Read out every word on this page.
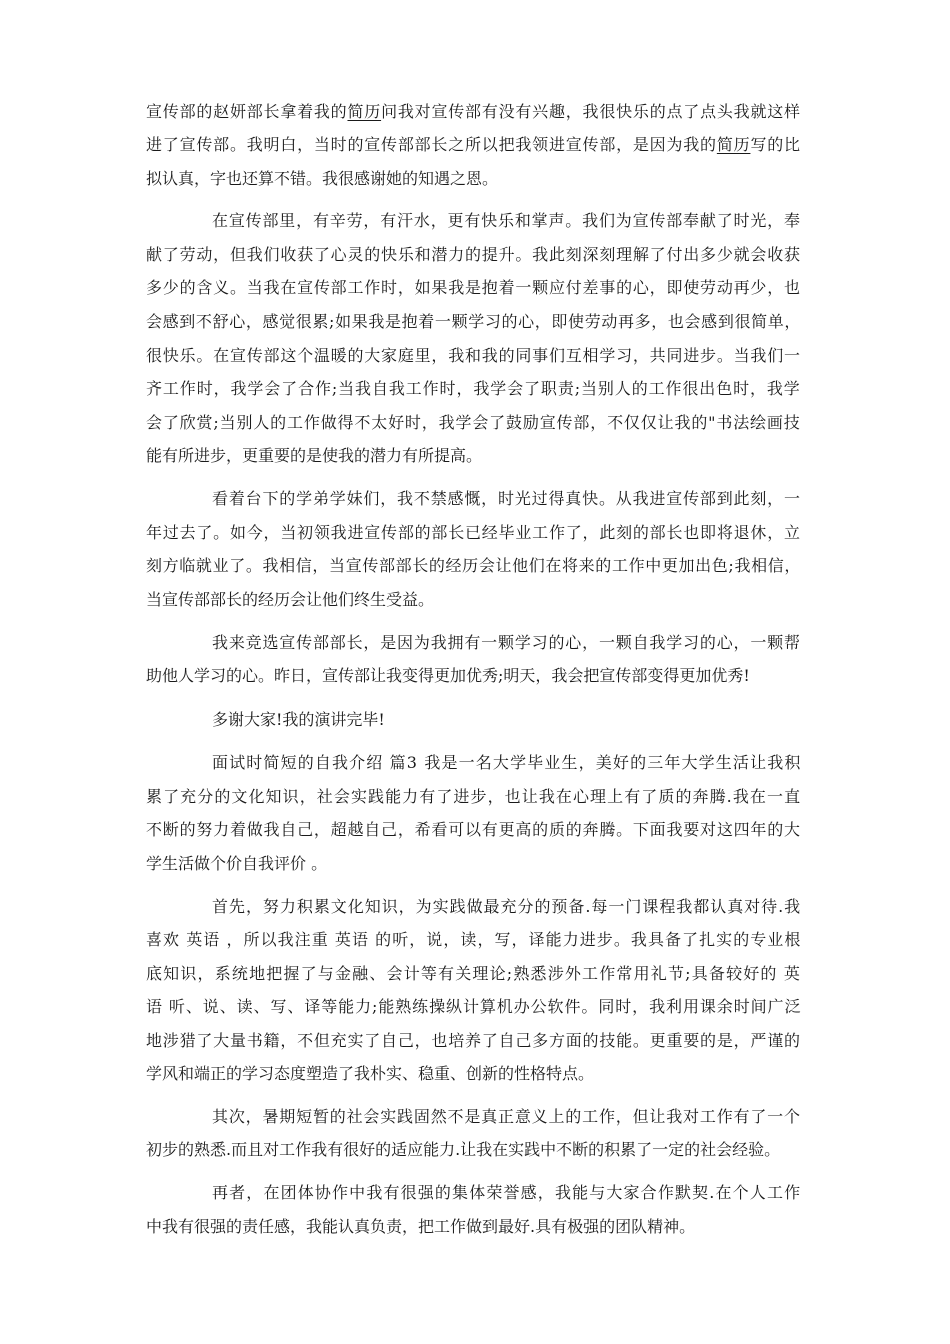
宣传部的赵妍部长拿着我的简历问我对宣传部有没有兴趣，我很快乐的点了点头我就这样
进了宣传部。我明白，当时的宣传部部长之所以把我领进宣传部，是因为我的简历写的比
拟认真，字也还算不错。我很感谢她的知遇之恩。
在宣传部里，有辛劳，有汗水，更有快乐和掌声。我们为宣传部奉献了时光，奉
献了劳动，但我们收获了心灵的快乐和潜力的提升。我此刻深刻理解了付出多少就会收获
多少的含义。当我在宣传部工作时，如果我是抱着一颗应付差事的心，即使劳动再少，也
会感到不舒心，感觉很累;如果我是抱着一颗学习的心，即使劳动再多，也会感到很简单，
很快乐。在宣传部这个温暖的大家庭里，我和我的同事们互相学习，共同进步。当我们一
齐工作时，我学会了合作;当我自我工作时，我学会了职责;当别人的工作很出色时，我学
会了欣赏;当别人的工作做得不太好时，我学会了鼓励宣传部，不仅仅让我的"书法绘画技
能有所进步，更重要的是使我的潜力有所提高。
看着台下的学弟学妹们，我不禁感慨，时光过得真快。从我进宣传部到此刻，一
年过去了。如今，当初领我进宣传部的部长已经毕业工作了，此刻的部长也即将退休，立
刻方临就业了。我相信，当宣传部部长的经历会让他们在将来的工作中更加出色;我相信，
当宣传部部长的经历会让他们终生受益。
我来竞选宣传部部长，是因为我拥有一颗学习的心，一颗自我学习的心，一颗帮
助他人学习的心。昨日，宣传部让我变得更加优秀;明天，我会把宣传部变得更加优秀!
多谢大家!我的演讲完毕!
面试时简短的自我介绍 篇3 我是一名大学毕业生，美好的三年大学生活让我积
累了充分的文化知识，社会实践能力有了进步，也让我在心理上有了质的奔腾.我在一直
不断的努力着做我自己，超越自己，希看可以有更高的质的奔腾。下面我要对这四年的大
学生活做个价自我评价 。
首先，努力积累文化知识，为实践做最充分的预备.每一门课程我都认真对待.我
喜欢 英语 ，所以我注重 英语 的听，说，读，写，译能力进步。我具备了扎实的专业根
底知识，系统地把握了与金融、会计等有关理论;熟悉涉外工作常用礼节;具备较好的 英
语 听、说、读、写、译等能力;能熟练操纵计算机办公软件。同时，我利用课余时间广泛
地涉猎了大量书籍，不但充实了自己，也培养了自己多方面的技能。更重要的是，严谨的
学风和端正的学习态度塑造了我朴实、稳重、创新的性格特点。
其次，暑期短暂的社会实践固然不是真正意义上的工作，但让我对工作有了一个
初步的熟悉.而且对工作我有很好的适应能力.让我在实践中不断的积累了一定的社会经验。
再者，在团体协作中我有很强的集体荣誉感，我能与大家合作默契.在个人工作
中我有很强的责任感，我能认真负责，把工作做到最好.具有极强的团队精神。
